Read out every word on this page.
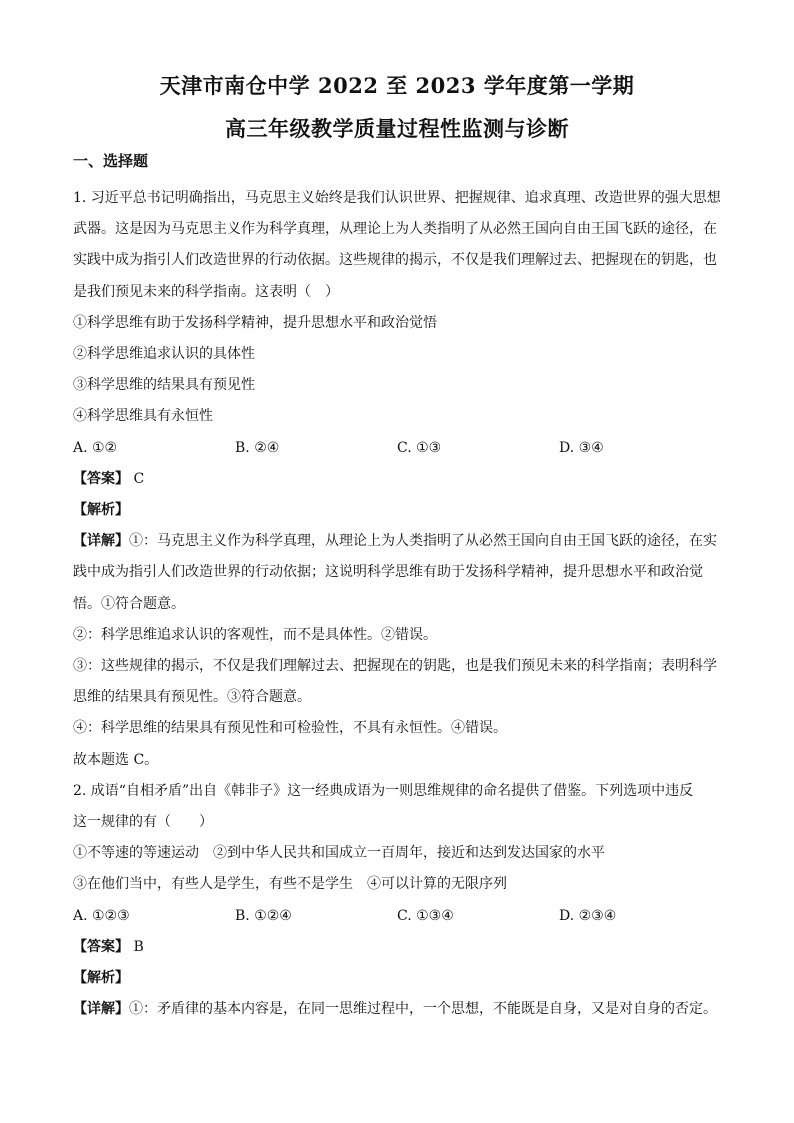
天津市南仓中学 2022 至 2023 学年度第一学期
高三年级教学质量过程性监测与诊断
一、选择题

1. 习近平总书记明确指出，马克思主义始终是我们认识世界、把握规律、追求真理、改造世界的强大思想

武器。这是因为马克思主义作为科学真理，从理论上为人类指明了从必然王国向自由王国飞跃的途径，在

实践中成为指引人们改造世界的行动依据。这些规律的揭示，不仅是我们理解过去、把握现在的钥匙，也

是我们预见未来的科学指南。这表明（　）

①科学思维有助于发扬科学精神，提升思想水平和政治觉悟

②科学思维追求认识的具体性

③科学思维的结果具有预见性

④科学思维具有永恒性

A. ①②	B. ②④	C. ①③	D. ③④

【答案】 C

【解析】

【详解】①：马克思主义作为科学真理，从理论上为人类指明了从必然王国向自由王国飞跃的途径，在实

践中成为指引人们改造世界的行动依据；这说明科学思维有助于发扬科学精神，提升思想水平和政治觉

悟。①符合题意。

②：科学思维追求认识的客观性，而不是具体性。②错误。

③：这些规律的揭示，不仅是我们理解过去、把握现在的钥匙，也是我们预见未来的科学指南；表明科学

思维的结果具有预见性。③符合题意。

④：科学思维的结果具有预见性和可检验性，不具有永恒性。④错误。

故本题选 C。

2. 成语“自相矛盾”出自《韩非子》这一经典成语为一则思维规律的命名提供了借鉴。下列选项中违反

这一规律的有（　　）

①不等速的等速运动　②到中华人民共和国成立一百周年，接近和达到发达国家的水平

③在他们当中，有些人是学生，有些不是学生　④可以计算的无限序列

A. ①②③	B. ①②④	C. ①③④	D. ②③④

【答案】 B

【解析】

【详解】①：矛盾律的基本内容是，在同一思维过程中，一个思想，不能既是自身，又是对自身的否定。
